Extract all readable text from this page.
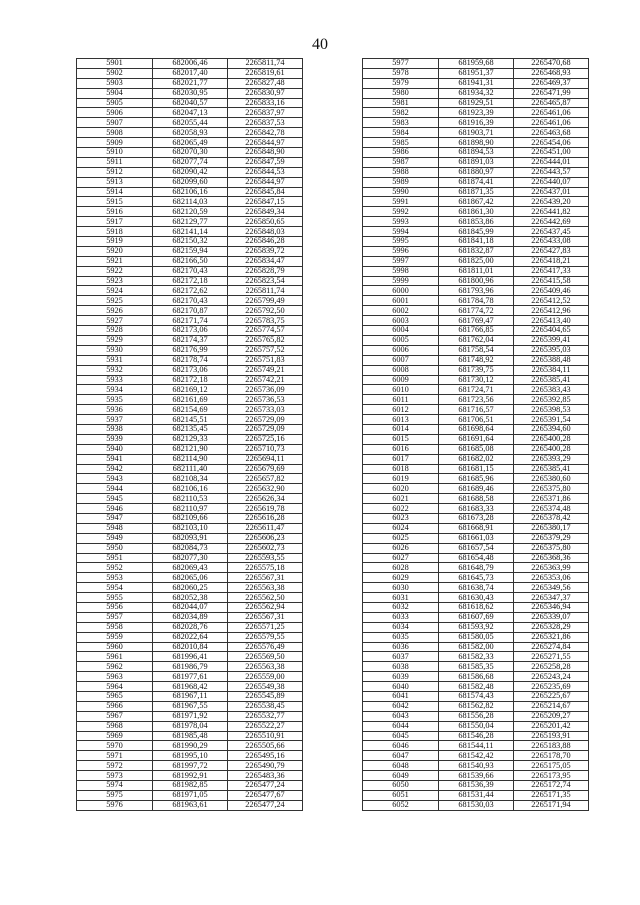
40
5901	682006,46	2265811,74
5902	682017,40	2265819,61
5903	682021,77	2265827,48
5904	682030,95	2265830,97
5905	682040,57	2265833,16
5906	682047,13	2265837,97
5907	682055,44	2265837,53
5908	682058,93	2265842,78
5909	682065,49	2265844,97
5910	682070,30	2265848,90
5911	682077,74	2265847,59
5912	682090,42	2265844,53
5913	682099,60	2265844,97
5914	682106,16	2265845,84
5915	682114,03	2265847,15
5916	682120,59	2265849,34
5917	682129,77	2265850,65
5918	682141,14	2265848,03
5919	682150,32	2265846,28
5920	682159,94	2265839,72
5921	682166,50	2265834,47
5922	682170,43	2265828,79
5923	682172,18	2265823,54
5924	682172,62	2265811,74
5925	682170,43	2265799,49
5926	682170,87	2265792,50
5927	682171,74	2265783,75
5928	682173,06	2265774,57
5929	682174,37	2265765,82
5930	682176,99	2265757,52
5931	682178,74	2265751,83
5932	682173,06	2265749,21
5933	682172,18	2265742,21
5934	682169,12	2265736,09
5935	682161,69	2265736,53
5936	682154,69	2265733,03
5937	682145,51	2265729,09
5938	682135,45	2265729,09
5939	682129,33	2265725,16
5940	682121,90	2265710,73
5941	682114,90	2265694,11
5942	682111,40	2265679,69
5943	682108,34	2265657,82
5944	682106,16	2265632,90
5945	682110,53	2265626,34
5946	682110,97	2265619,78
5947	682109,66	2265616,28
5948	682103,10	2265611,47
5949	682093,91	2265606,23
5950	682084,73	2265602,73
5951	682077,30	2265593,55
5952	682069,43	2265575,18
5953	682065,06	2265567,31
5954	682060,25	2265563,38
5955	682052,38	2265562,50
5956	682044,07	2265562,94
5957	682034,89	2265567,31
5958	682028,76	2265571,25
5959	682022,64	2265579,55
5960	682010,84	2265576,49
5961	681996,41	2265569,50
5962	681986,79	2265563,38
5963	681977,61	2265559,00
5964	681968,42	2265549,38
5965	681967,11	2265545,89
5966	681967,55	2265538,45
5967	681971,92	2265532,77
5968	681978,04	2265522,27
5969	681985,48	2265510,91
5970	681990,29	2265505,66
5971	681995,10	2265495,16
5972	681997,72	2265490,79
5973	681992,91	2265483,36
5974	681982,85	2265477,24
5975	681971,05	2265477,67
5976	681963,61	2265477,24
5977	681959,68	2265470,68
5978	681951,37	2265468,93
5979	681941,31	2265469,37
5980	681934,32	2265471,99
5981	681929,51	2265465,87
5982	681923,39	2265461,06
5983	681916,39	2265461,06
5984	681903,71	2265463,68
5985	681898,90	2265454,06
5986	681894,53	2265451,00
5987	681891,03	2265444,01
5988	681880,97	2265443,57
5989	681874,41	2265440,07
5990	681871,35	2265437,01
5991	681867,42	2265439,20
5992	681861,30	2265441,82
5993	681853,86	2265442,69
5994	681845,99	2265437,45
5995	681841,18	2265433,08
5996	681832,87	2265427,83
5997	681825,00	2265418,21
5998	681811,01	2265417,33
5999	681800,96	2265415,58
6000	681793,96	2265409,46
6001	681784,78	2265412,52
6002	681774,72	2265412,96
6003	681769,47	2265413,40
6004	681766,85	2265404,65
6005	681762,04	2265399,41
6006	681758,54	2265395,03
6007	681748,92	2265388,48
6008	681739,75	2265384,11
6009	681730,12	2265385,41
6010	681724,71	2265383,43
6011	681723,56	2265392,85
6012	681716,57	2265398,53
6013	681706,51	2265391,54
6014	681698,64	2265394,60
6015	681691,64	2265400,28
6016	681685,08	2265400,28
6017	681682,02	2265393,29
6018	681681,15	2265385,41
6019	681685,96	2265380,60
6020	681689,46	2265375,80
6021	681688,58	2265371,86
6022	681683,33	2265374,48
6023	681673,28	2265378,42
6024	681668,91	2265380,17
6025	681661,03	2265379,29
6026	681657,54	2265375,80
6027	681654,48	2265368,36
6028	681648,79	2265363,99
6029	681645,73	2265353,06
6030	681638,74	2265349,56
6031	681630,43	2265347,37
6032	681618,62	2265346,94
6033	681607,69	2265339,07
6034	681593,92	2265328,29
6035	681580,05	2265321,86
6036	681582,00	2265274,84
6037	681582,33	2265271,55
6038	681585,35	2265258,28
6039	681586,68	2265243,24
6040	681582,48	2265235,69
6041	681574,43	2265225,67
6042	681562,82	2265214,67
6043	681556,28	2265209,27
6044	681550,04	2265201,42
6045	681546,28	2265193,91
6046	681544,11	2265183,88
6047	681542,42	2265178,70
6048	681540,93	2265175,05
6049	681539,66	2265173,95
6050	681536,39	2265172,74
6051	681531,44	2265171,35
6052	681530,03	2265171,94
